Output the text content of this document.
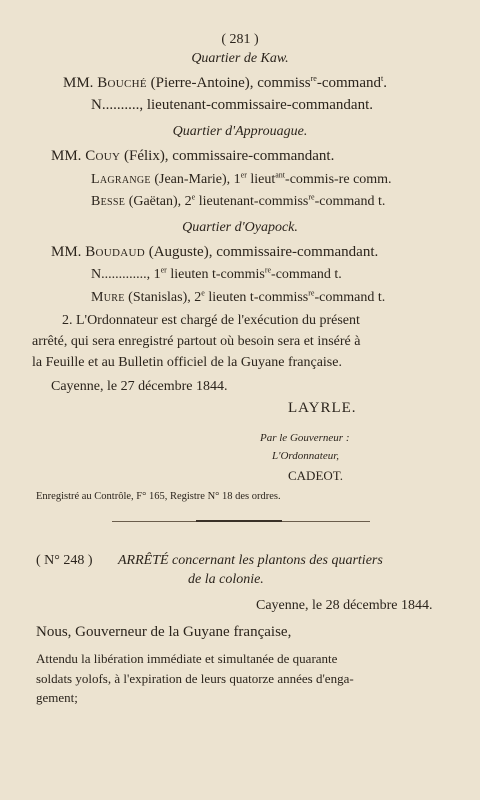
( 281 )
Quartier de Kaw.
MM. Bouché (Pierre-Antoine), commiss$^{re}$-command$^t$.
N.........., lieutenant-commissaire-commandant.
Quartier d'Approuague.
MM. Couy (Félix), commissaire-commandant.
Lagrange (Jean-Marie), 1er lieut$^{ant}$-commis-re comm.
Besse (Gaëtan), 2e lieutenant-commiss$^{re}$-command t.
Quartier d'Oyapock.
MM. Boudaud (Auguste), commissaire-commandant.
N............., 1er lieuten t-commis$^{re}$-command t.
Mure (Stanislas), 2e lieuten t-commiss$^{re}$-command t.
2. L'Ordonnateur est chargé de l'exécution du présent
arrêté, qui sera enregistré partout où besoin sera et inséré à
la Feuille et au Bulletin officiel de la Guyane française.
Cayenne, le 27 décembre 1844.
LAYRLE.
Par le Gouverneur :
L'Ordonnateur,
CADEOT.
Enregistré au Contrôle, F° 165, Registre N° 18 des ordres.
( N° 248 ) ARRÊTÉ concernant les plantons des quartiers
de la colonie.
Cayenne, le 28 décembre 1844.
Nous, Gouverneur de la Guyane française,
Attendu la libération immédiate et simultanée de quarante
soldats yolofs, à l'expiration de leurs quatorze années d'enga-
gement;
